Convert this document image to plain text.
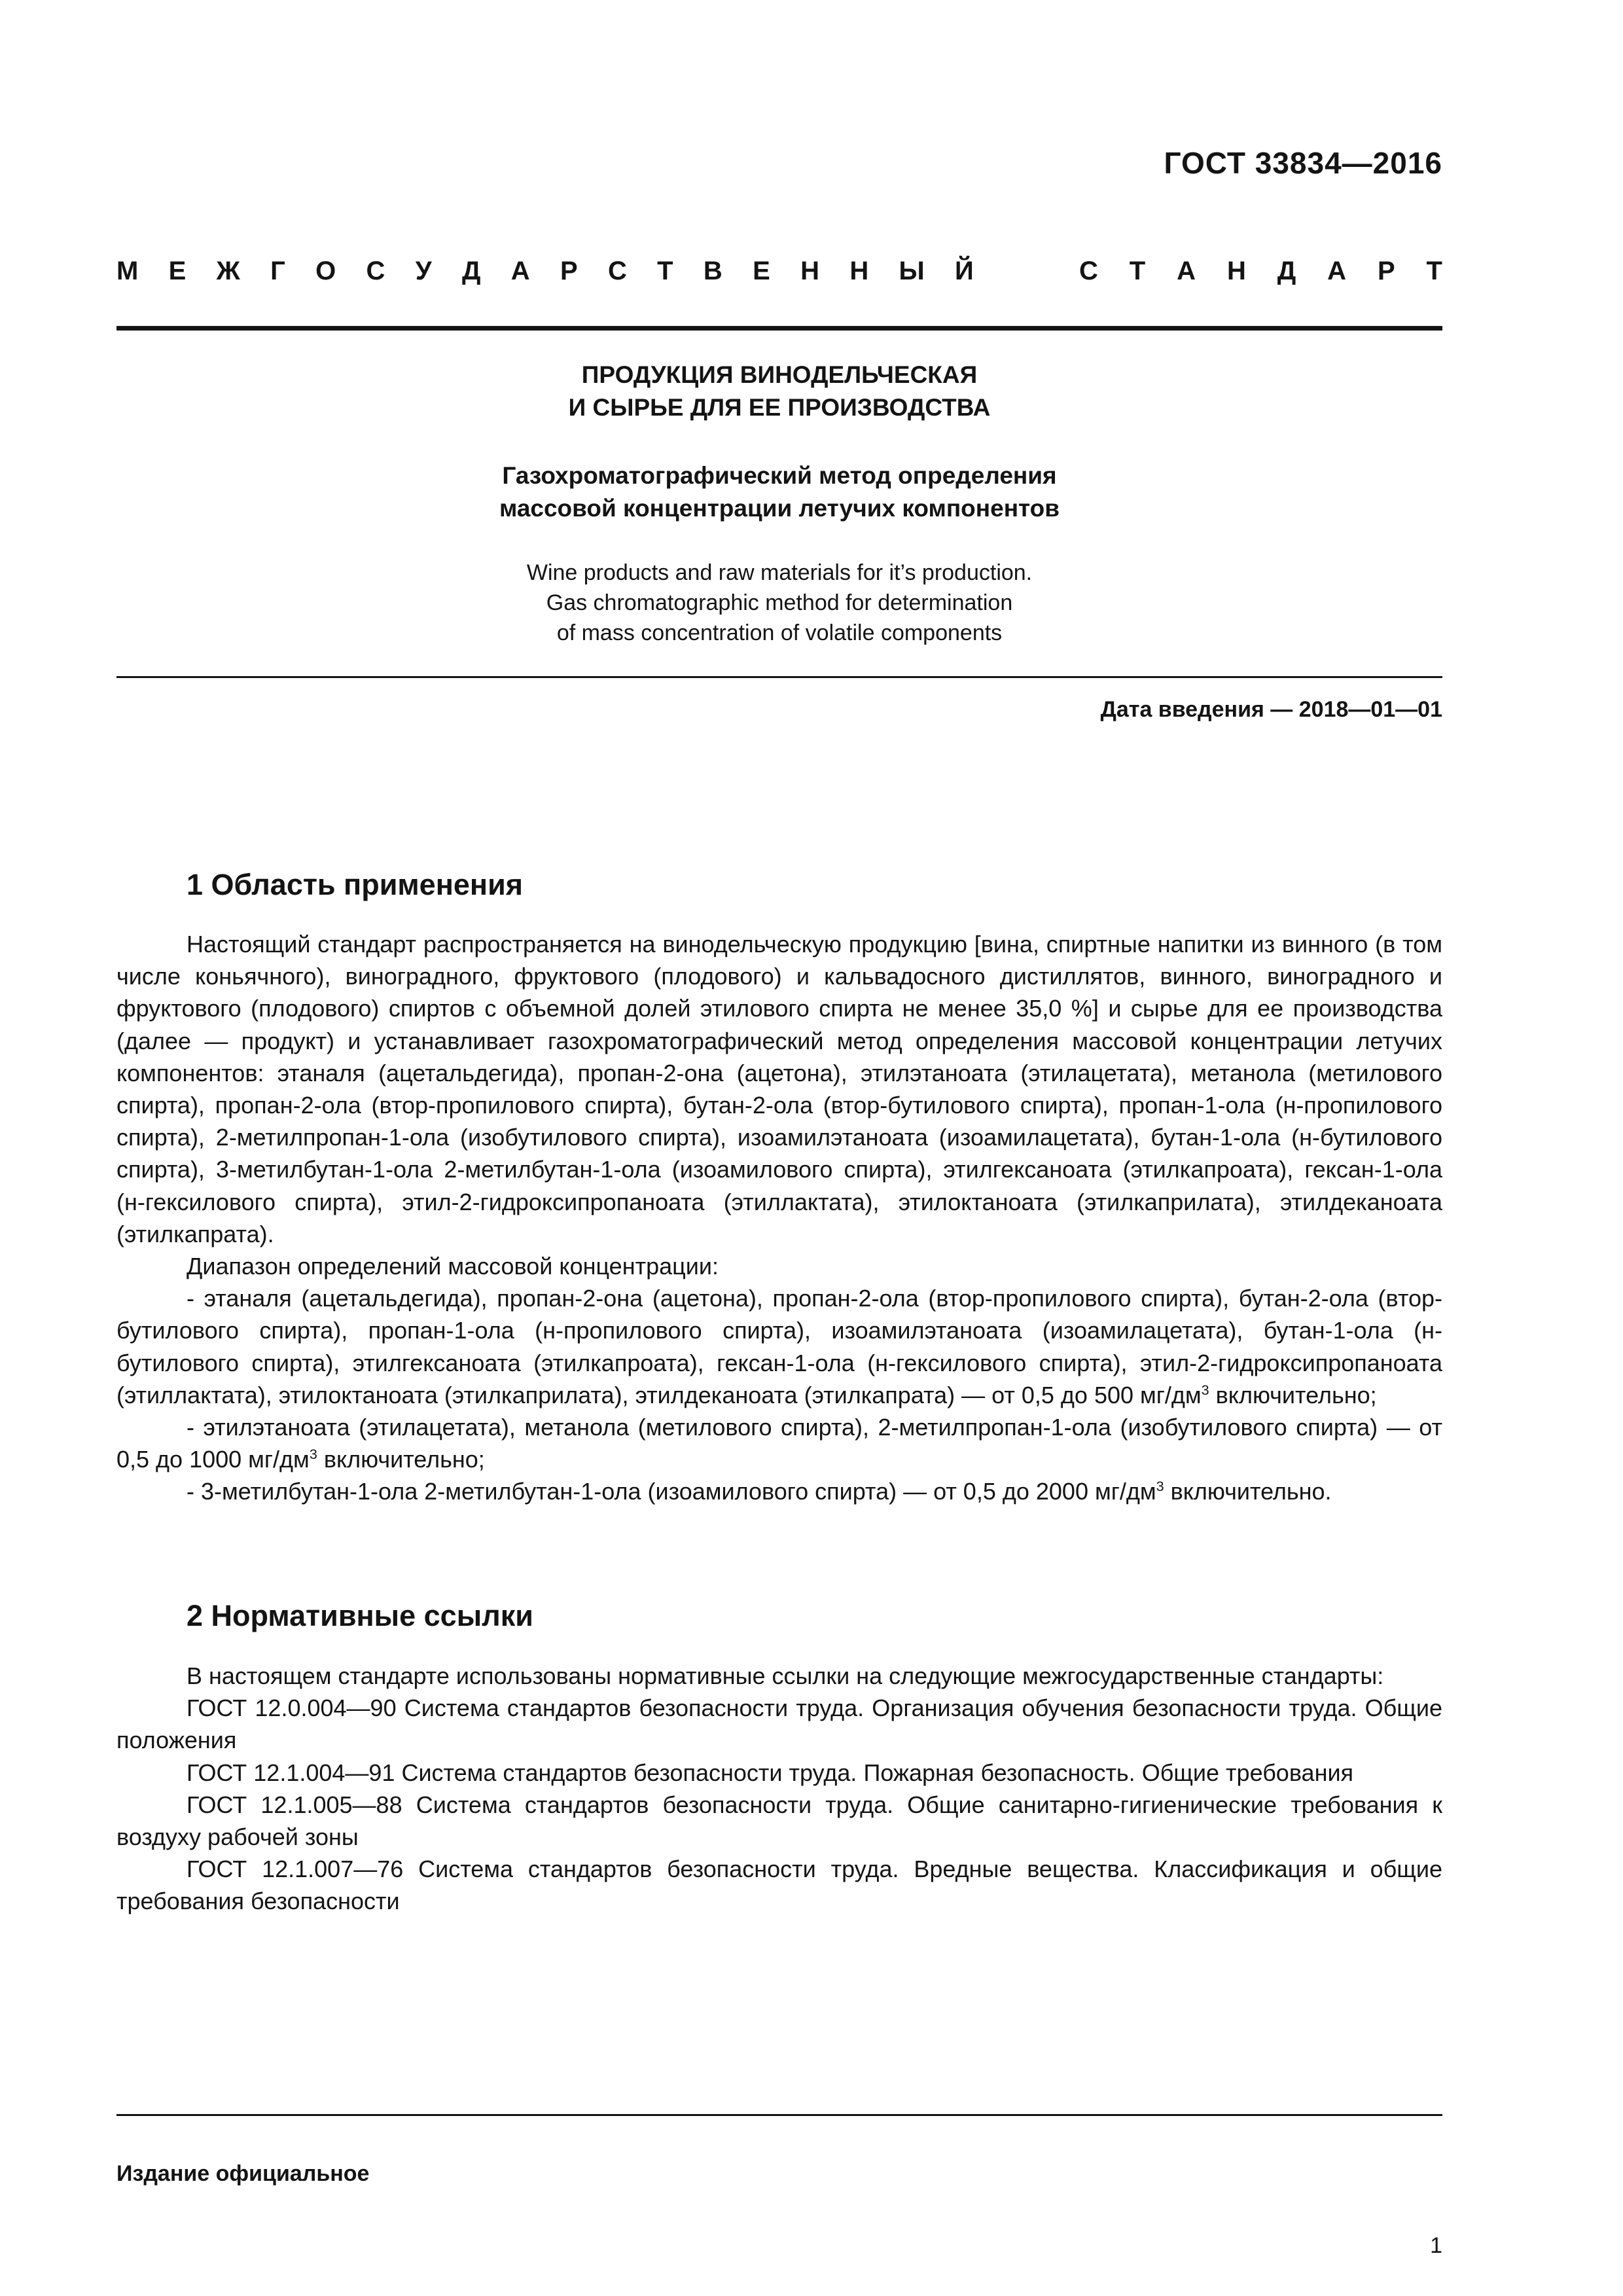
ГОСТ 33834—2016
М Е Ж Г О С У Д А Р С Т В Е Н Н Ы Й	С Т А Н Д А Р Т
ПРОДУКЦИЯ ВИНОДЕЛЬЧЕСКАЯ
И СЫРЬЕ ДЛЯ ЕЕ ПРОИЗВОДСТВА
Газохроматографический метод определения
массовой концентрации летучих компонентов
Wine products and raw materials for it’s production.
Gas chromatographic method for determination
of mass concentration of volatile components
Дата введения — 2018—01—01
1 Область применения

Настоящий стандарт распространяется на винодельческую продукцию [вина, спиртные напитки из винного (в том числе коньячного), виноградного, фруктового (плодового) и кальвадосного дистиллятов, винного, виноградного и фруктового (плодового) спиртов с объемной долей этилового спирта не менее 35,0 %] и сырье для ее производства (далее — продукт) и устанавливает газохроматографический метод определения массовой концентрации летучих компонентов: этаналя (ацетальдегида), пропан-2-она (ацетона), этилэтаноата (этилацетата), метанола (метилового спирта), пропан-2-ола (втор-пропилового спирта), бутан-2-ола (втор-бутилового спирта), пропан-1-ола (н-пропилового спирта), 2-метилпропан-1-ола (изобутилового спирта), изоамилэтаноата (изоамилацетата), бутан-1-ола (н-бутилового спирта), 3-метилбутан-1-ола 2-метилбутан-1-ола (изоамилового спирта), этилгексаноата (этилкапроата), гексан-1-ола (н-гексилового спирта), этил-2-гидроксипропаноата (этиллактата), этилоктаноата (этилкаприлата), этилдеканоата (этилкапрата).

Диапазон определений массовой концентрации:

- этаналя (ацетальдегида), пропан-2-она (ацетона), пропан-2-ола (втор-пропилового спирта), бутан-2-ола (втор-бутилового спирта), пропан-1-ола (н-пропилового спирта), изоамилэтаноата (изоамилацетата), бутан-1-ола (н-бутилового спирта), этилгексаноата (этилкапроата), гексан-1-ола (н-гексилового спирта), этил-2-гидроксипропаноата (этиллактата), этилоктаноата (этилкаприлата), этилдеканоата (этилкапрата) — от 0,5 до 500 $мг/дм^3$ включительно;

- этилэтаноата (этилацетата), метанола (метилового спирта), 2-метилпропан-1-ола (изобутилового спирта) — от 0,5 до 1000 $мг/дм^3$ включительно;

- 3-метилбутан-1-ола 2-метилбутан-1-ола (изоамилового спирта) — от 0,5 до 2000 $мг/дм^3$ включительно.

2 Нормативные ссылки

В настоящем стандарте использованы нормативные ссылки на следующие межгосударственные стандарты:

ГОСТ 12.0.004—90 Система стандартов безопасности труда. Организация обучения безопасности труда. Общие положения

ГОСТ 12.1.004—91 Система стандартов безопасности труда. Пожарная безопасность. Общие требования

ГОСТ 12.1.005—88 Система стандартов безопасности труда. Общие санитарно-гигиенические требования к воздуху рабочей зоны

ГОСТ 12.1.007—76 Система стандартов безопасности труда. Вредные вещества. Классификация и общие требования безопасности

Издание официальное
1
